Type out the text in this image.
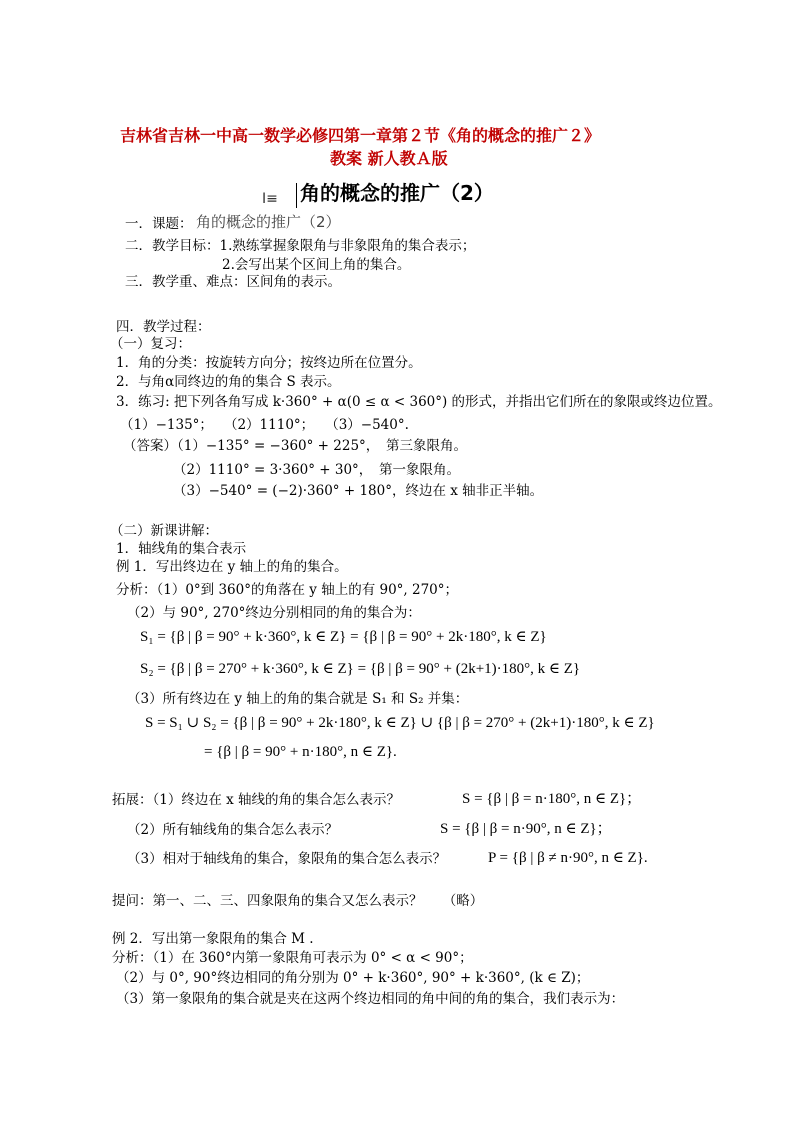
吉林省吉林一中高一数学必修四第一章第２节《角的概念的推广２》
教案 新人教Ａ版
I≡ 角的概念的推广（2）
一．课题： 角的概念的推广（2）
二．教学目标：1.熟练掌握象限角与非象限角的集合表示；
2.会写出某个区间上角的集合。
三．教学重、难点：区间角的表示。
四．教学过程：
（一）复习：
1．角的分类：按旋转方向分；按终边所在位置分。
2．与角α同终边的角的集合 S 表示。
3．练习: 把下列各角写成 k·360° + α(0 ≤ α < 360°) 的形式，并指出它们所在的象限或终边位置。
（1）−135°；　 （2）1110°；　 （3）−540°.
（答案）（1）−135° = −360° + 225°，　第三象限角。
（2）1110° = 3·360° + 30°，　第一象限角。
（3）−540° = (−2)·360° + 180°，终边在 x 轴非正半轴。
（二）新课讲解：
1．轴线角的集合表示
例 1．写出终边在 y 轴上的角的集合。
分析：（1）0°到 360°的角落在 y 轴上的有 90°, 270°；
（2）与 90°, 270°终边分别相同的角的集合为：
S₁ = {β | β = 90° + k·360°, k ∈ Z} = {β | β = 90° + 2k·180°, k ∈ Z}
S₂ = {β | β = 270° + k·360°, k ∈ Z} = {β | β = 90° + (2k+1)·180°, k ∈ Z}
（3）所有终边在 y 轴上的角的集合就是 S₁ 和 S₂ 并集：
S = S₁ ∪ S₂ = {β | β = 90° + 2k·180°, k ∈ Z} ∪ {β | β = 270° + (2k+1)·180°, k ∈ Z}
= {β | β = 90° + n·180°, n ∈ Z}.
拓展：（1）终边在 x 轴线的角的集合怎么表示？	S = {β | β = n·180°, n ∈ Z}；
（2）所有轴线角的集合怎么表示？	S = {β | β = n·90°, n ∈ Z}；
（3）相对于轴线角的集合，象限角的集合怎么表示？	P = {β | β ≠ n·90°, n ∈ Z}.
提问：第一、二、三、四象限角的集合又怎么表示？　　（略）
例 2．写出第一象限角的集合 M .
分析：（1）在 360°内第一象限角可表示为 0° < α < 90°；
（2）与 0°, 90°终边相同的角分别为 0° + k·360°, 90° + k·360°, (k ∈ Z)；
（3）第一象限角的集合就是夹在这两个终边相同的角中间的角的集合，我们表示为：
